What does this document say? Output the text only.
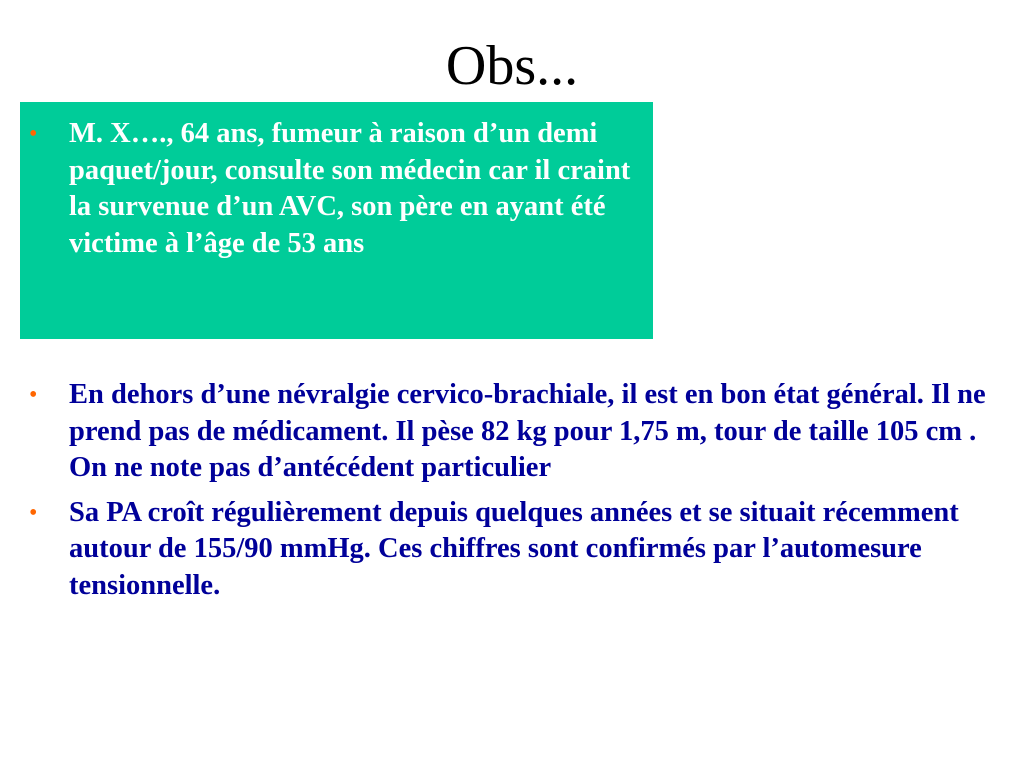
Obs...
•	M. X…., 64 ans, fumeur à raison d’un demi paquet/jour, consulte son médecin car il craint la survenue d’un AVC, son père en ayant été victime à l’âge de 53 ans
•	En dehors d’une névralgie cervico-brachiale, il est en bon état général. Il ne prend pas de médicament. Il pèse 82 kg pour 1,75 m, tour de taille 105 cm . On ne note pas d’antécédent particulier
•	Sa PA croît régulièrement depuis quelques années et se situait récemment autour de 155/90 mmHg. Ces chiffres sont confirmés par l’automesure tensionnelle.
